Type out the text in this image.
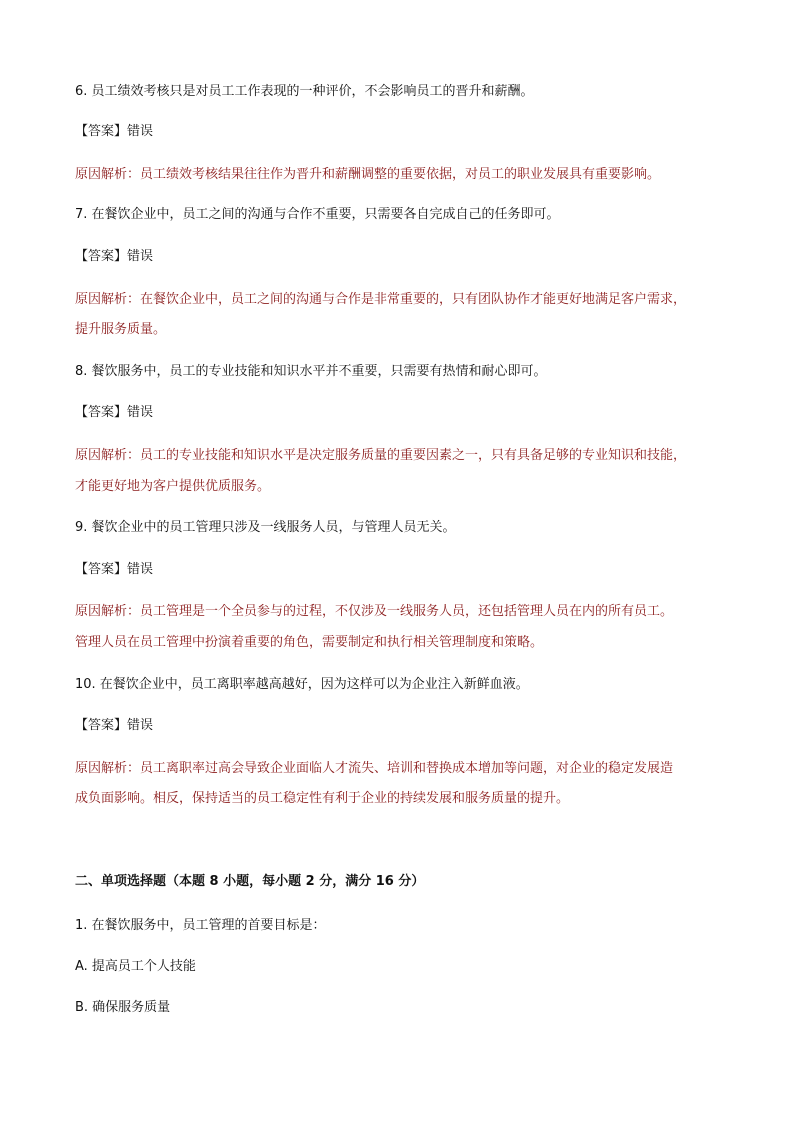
6. 员工绩效考核只是对员工工作表现的一种评价，不会影响员工的晋升和薪酬。

【答案】错误

原因解析：员工绩效考核结果往往作为晋升和薪酬调整的重要依据，对员工的职业发展具有重要影响。

7. 在餐饮企业中，员工之间的沟通与合作不重要，只需要各自完成自己的任务即可。

【答案】错误

原因解析：在餐饮企业中，员工之间的沟通与合作是非常重要的，只有团队协作才能更好地满足客户需求，

提升服务质量。

8. 餐饮服务中，员工的专业技能和知识水平并不重要，只需要有热情和耐心即可。

【答案】错误

原因解析：员工的专业技能和知识水平是决定服务质量的重要因素之一，只有具备足够的专业知识和技能，

才能更好地为客户提供优质服务。

9. 餐饮企业中的员工管理只涉及一线服务人员，与管理人员无关。

【答案】错误

原因解析：员工管理是一个全员参与的过程，不仅涉及一线服务人员，还包括管理人员在内的所有员工。

管理人员在员工管理中扮演着重要的角色，需要制定和执行相关管理制度和策略。

10. 在餐饮企业中，员工离职率越高越好，因为这样可以为企业注入新鲜血液。

【答案】错误

原因解析：员工离职率过高会导致企业面临人才流失、培训和替换成本增加等问题，对企业的稳定发展造

成负面影响。相反，保持适当的员工稳定性有利于企业的持续发展和服务质量的提升。

二、单项选择题（本题 8 小题，每小题 2 分，满分 16 分）

1. 在餐饮服务中，员工管理的首要目标是：

A. 提高员工个人技能

B. 确保服务质量
